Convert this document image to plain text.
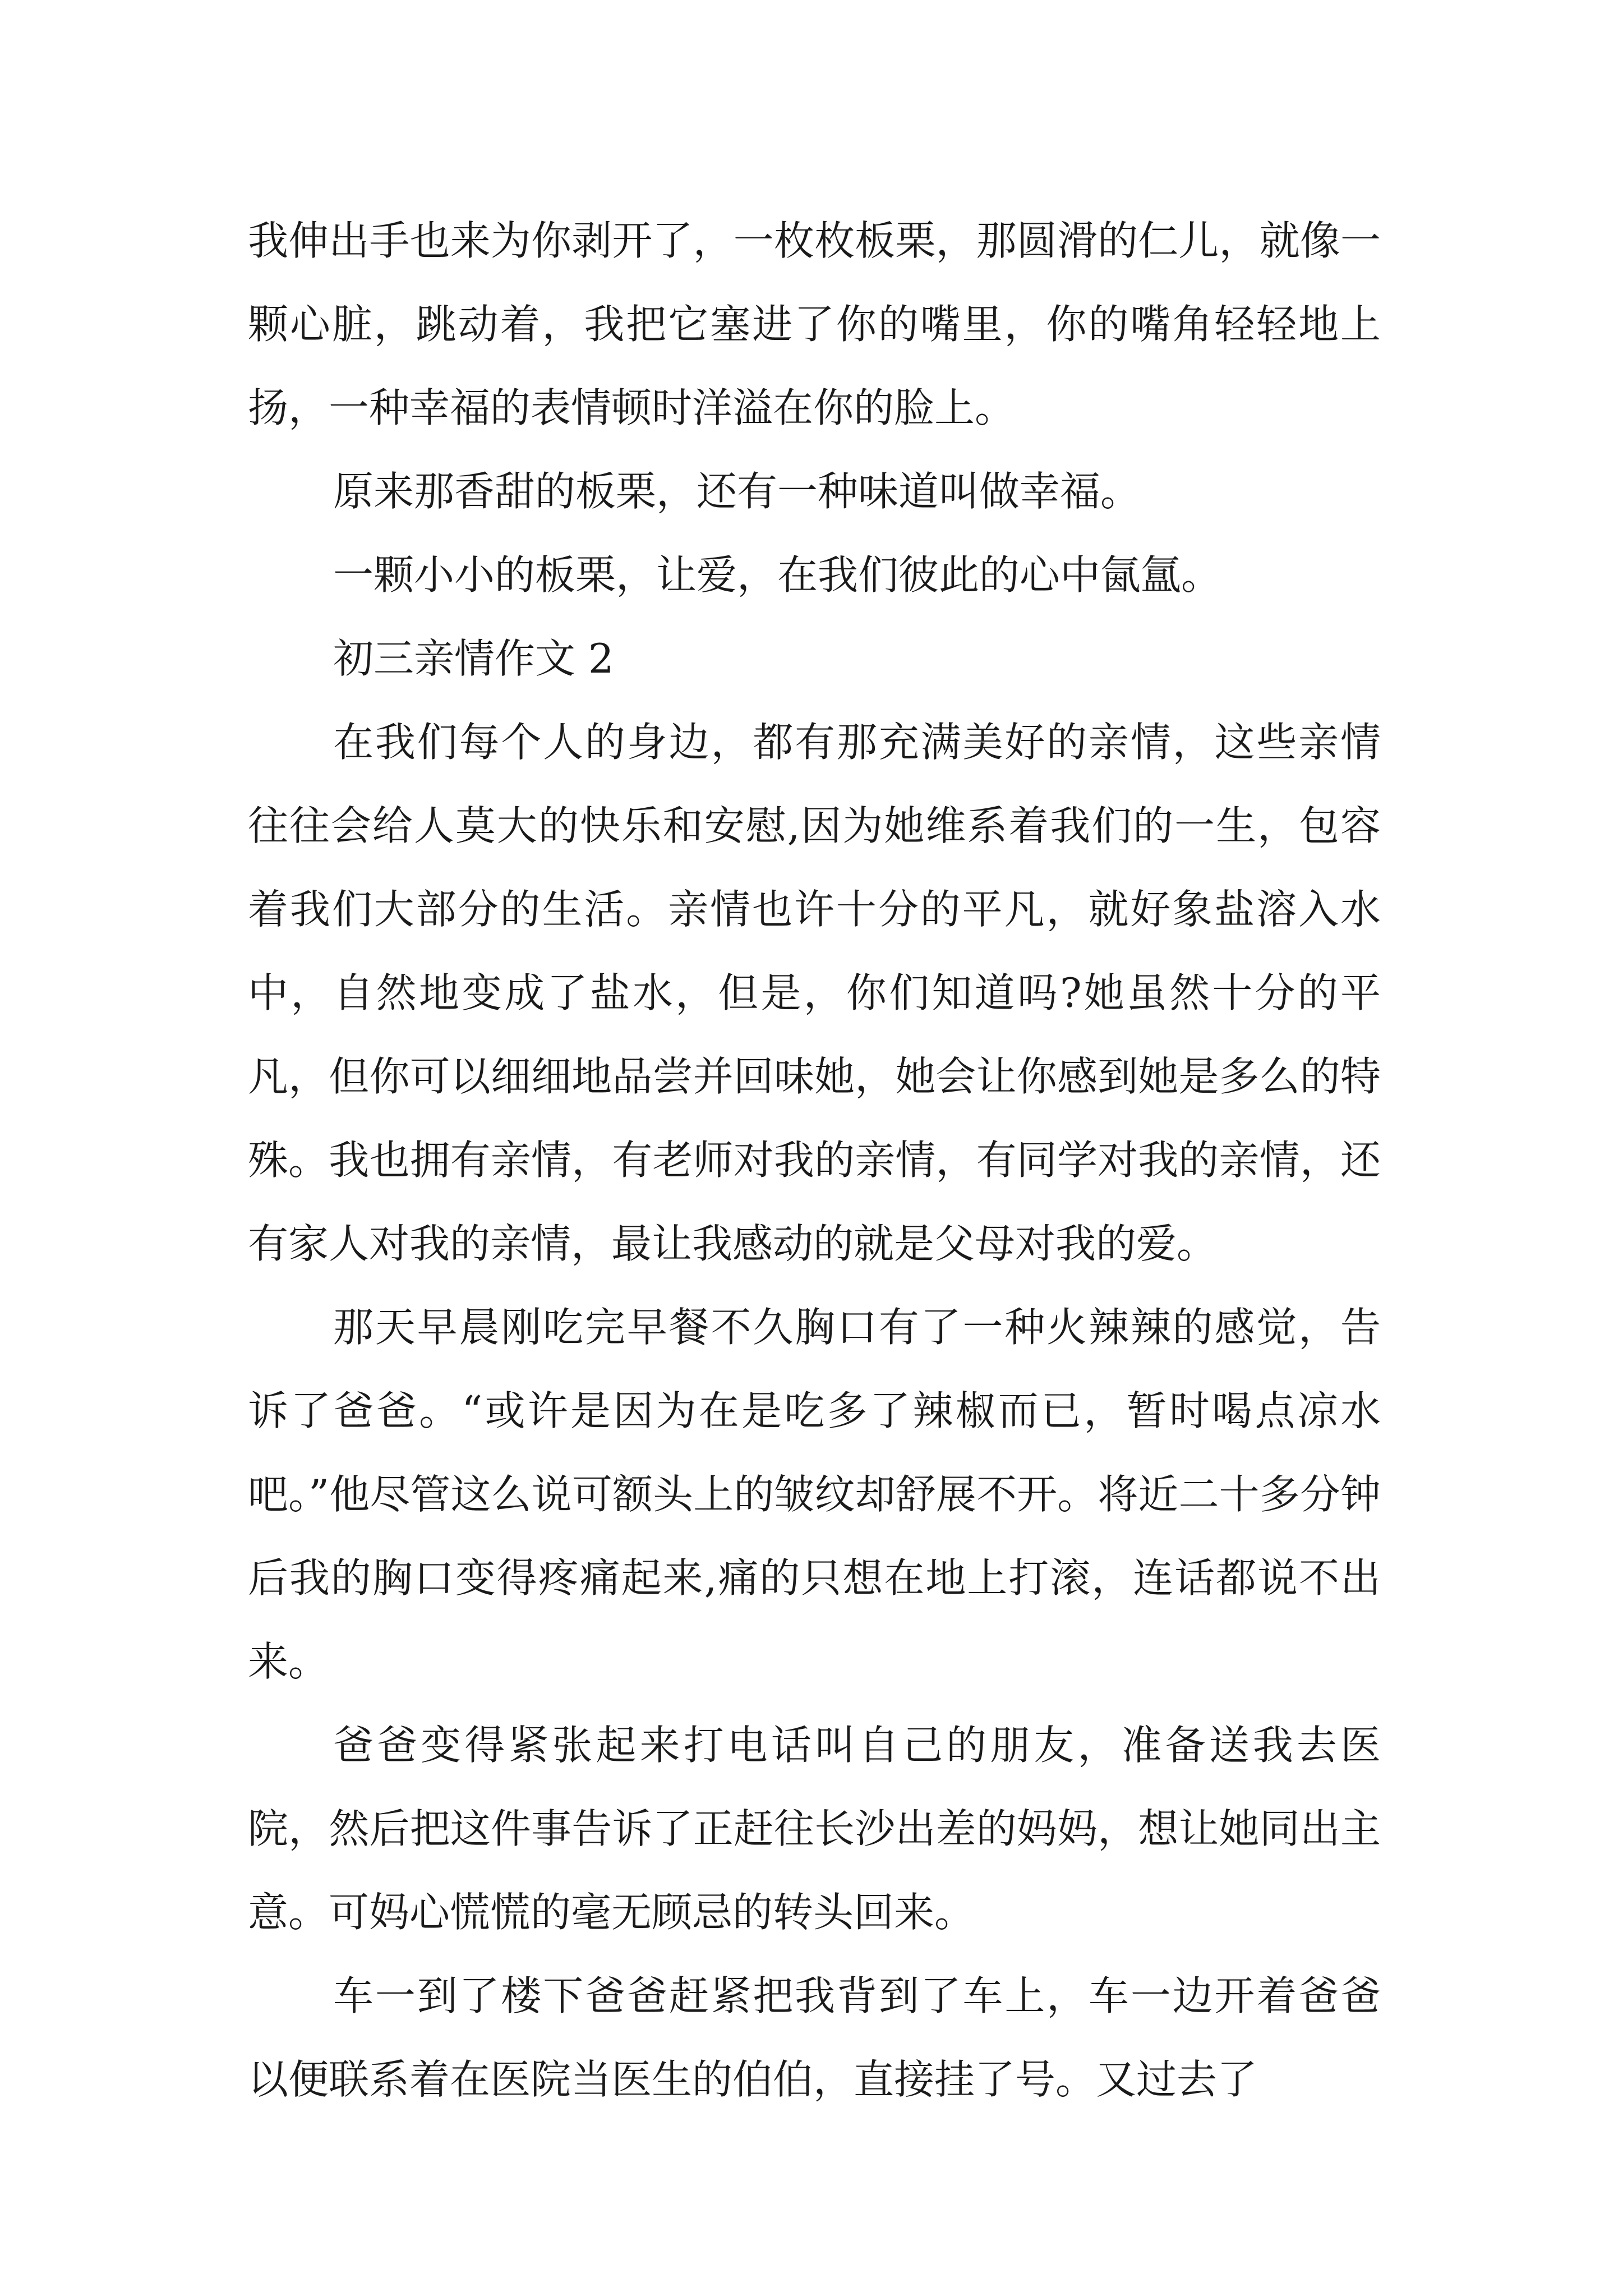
我伸出手也来为你剥开了，一枚枚板栗，那圆滑的仁儿，就像一颗心脏，跳动着，我把它塞进了你的嘴里，你的嘴角轻轻地上扬，一种幸福的表情顿时洋溢在你的脸上。

原来那香甜的板栗，还有一种味道叫做幸福。

一颗小小的板栗，让爱，在我们彼此的心中氤氲。

初三亲情作文 2

在我们每个人的身边，都有那充满美好的亲情，这些亲情往往会给人莫大的快乐和安慰,因为她维系着我们的一生，包容着我们大部分的生活。亲情也许十分的平凡，就好象盐溶入水中，自然地变成了盐水，但是，你们知道吗?她虽然十分的平凡，但你可以细细地品尝并回味她，她会让你感到她是多么的特殊。我也拥有亲情，有老师对我的亲情，有同学对我的亲情，还有家人对我的亲情，最让我感动的就是父母对我的爱。

那天早晨刚吃完早餐不久胸口有了一种火辣辣的感觉，告诉了爸爸。“或许是因为在是吃多了辣椒而已，暂时喝点凉水吧。”他尽管这么说可额头上的皱纹却舒展不开。将近二十多分钟后我的胸口变得疼痛起来,痛的只想在地上打滚，连话都说不出来。

爸爸变得紧张起来打电话叫自己的朋友，准备送我去医院，然后把这件事告诉了正赶往长沙出差的妈妈，想让她同出主意。可妈心慌慌的毫无顾忌的转头回来。

车一到了楼下爸爸赶紧把我背到了车上，车一边开着爸爸以便联系着在医院当医生的伯伯，直接挂了号。又过去了
